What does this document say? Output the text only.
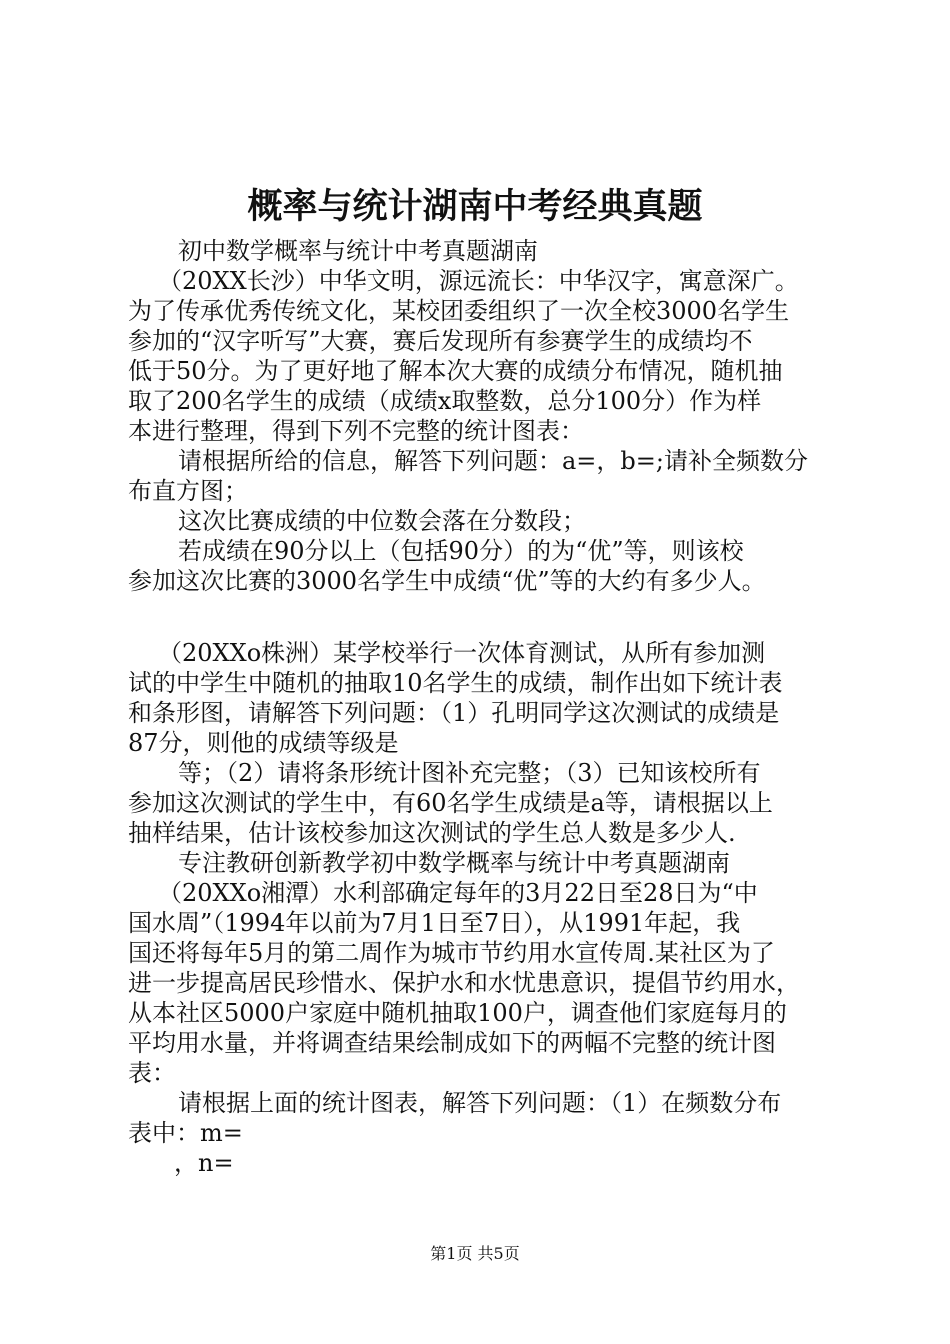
概率与统计湖南中考经典真题
初中数学概率与统计中考真题湖南
（20XX长沙）中华文明，源远流长：中华汉字，寓意深广。
为了传承优秀传统文化，某校团委组织了一次全校3000名学生
参加的“汉字听写”大赛，赛后发现所有参赛学生的成绩均不
低于50分。为了更好地了解本次大赛的成绩分布情况，随机抽
取了200名学生的成绩（成绩x取整数，总分100分）作为样
本进行整理，得到下列不完整的统计图表：
请根据所给的信息，解答下列问题：a=，b=;请补全频数分
布直方图；
这次比赛成绩的中位数会落在分数段；
若成绩在90分以上（包括90分）的为“优”等，则该校
参加这次比赛的3000名学生中成绩“优”等的大约有多少人。
（20XXo株洲）某学校举行一次体育测试，从所有参加测
试的中学生中随机的抽取10名学生的成绩，制作出如下统计表
和条形图，请解答下列问题：（1）孔明同学这次测试的成绩是
87分，则他的成绩等级是
等；（2）请将条形统计图补充完整；（3）已知该校所有
参加这次测试的学生中，有60名学生成绩是a等，请根据以上
抽样结果，估计该校参加这次测试的学生总人数是多少人.
专注教研创新教学初中数学概率与统计中考真题湖南
（20XXo湘潭）水利部确定每年的3月22日至28日为“中
国水周”（1994年以前为7月1日至7日），从1991年起，我
国还将每年5月的第二周作为城市节约用水宣传周.某社区为了
进一步提高居民珍惜水、保护水和水忧患意识，提倡节约用水，
从本社区5000户家庭中随机抽取100户，调查他们家庭每月的
平均用水量，并将调查结果绘制成如下的两幅不完整的统计图
表：
请根据上面的统计图表，解答下列问题：（1）在频数分布
表中：m=
，n=
第1页 共5页
